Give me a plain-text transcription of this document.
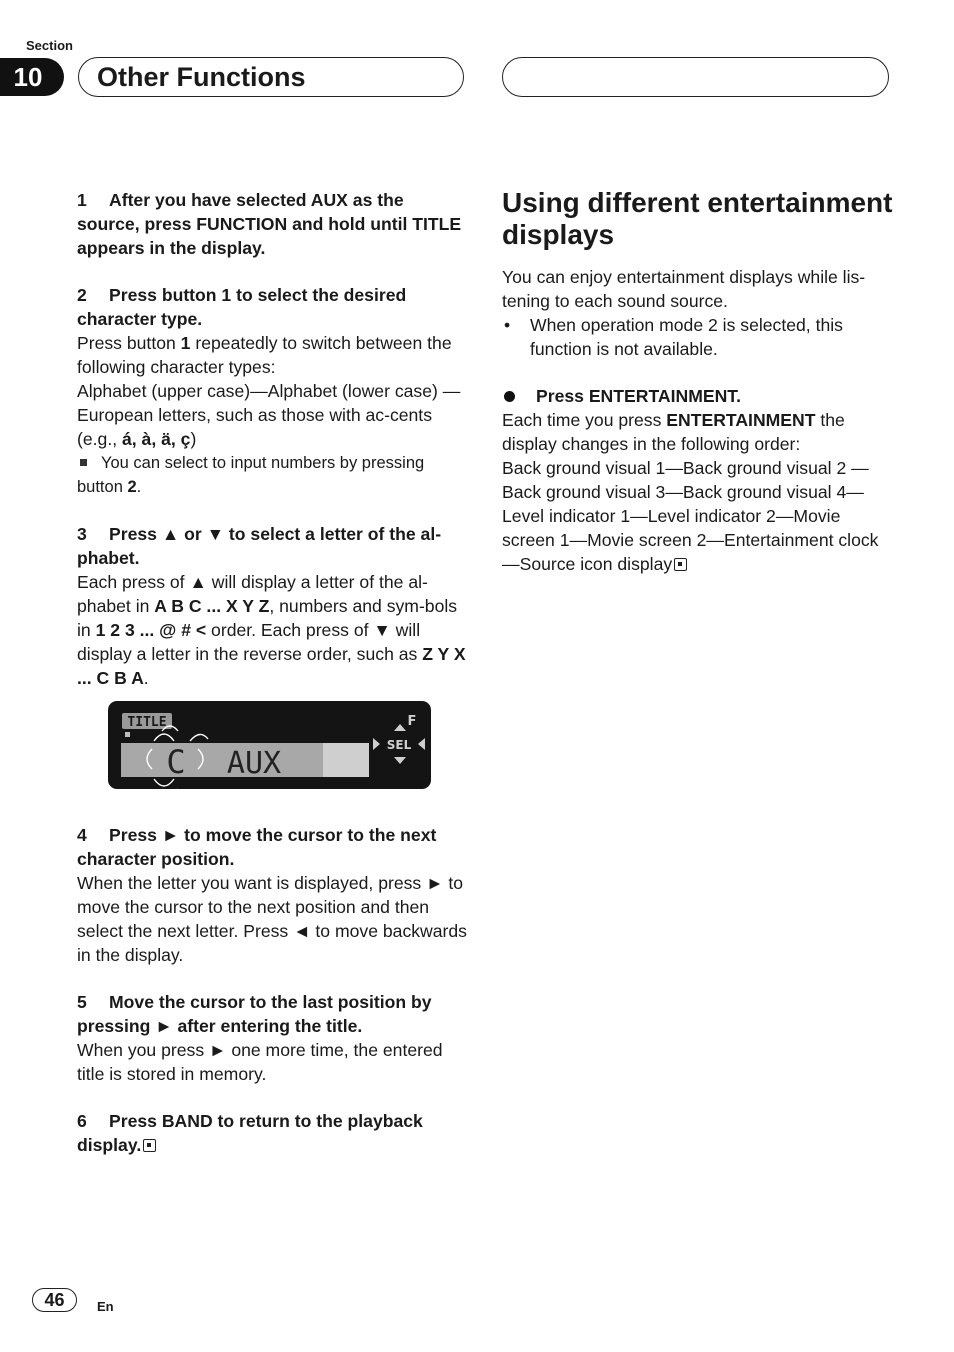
Section
10	Other Functions

1 After you have selected AUX as the source, press FUNCTION and hold until TITLE appears in the display.

2 Press button 1 to select the desired character type.

Press button 1 repeatedly to switch between the following character types:

Alphabet (upper case)—Alphabet (lower case) —European letters, such as those with ac-cents (e.g., á, à, ä, ç)

You can select to input numbers by pressing button 2.

3 Press ▲ or ▼ to select a letter of the al-phabet.

Each press of ▲ will display a letter of the al-phabet in A B C ... X Y Z, numbers and sym-bols in 1 2 3 ... @ # < order. Each press of ▼ will display a letter in the reverse order, such as Z Y X ... C B A.

TITLE
C AUX
F
SEL

4 Press ► to move the cursor to the next character position.

When the letter you want is displayed, press ► to move the cursor to the next position and then select the next letter. Press ◄ to move backwards in the display.

5 Move the cursor to the last position by pressing ► after entering the title.

When you press ► one more time, the entered title is stored in memory.

6 Press BAND to return to the playback display.

Using different entertainment displays

You can enjoy entertainment displays while lis-tening to each sound source.

•	When operation mode 2 is selected, this function is not available.
Press ENTERTAINMENT.

Each time you press ENTERTAINMENT the display changes in the following order:

Back ground visual 1—Back ground visual 2 —Back ground visual 3—Back ground visual 4—Level indicator 1—Level indicator 2—Movie screen 1—Movie screen 2—Entertainment clock—Source icon display

46	En
